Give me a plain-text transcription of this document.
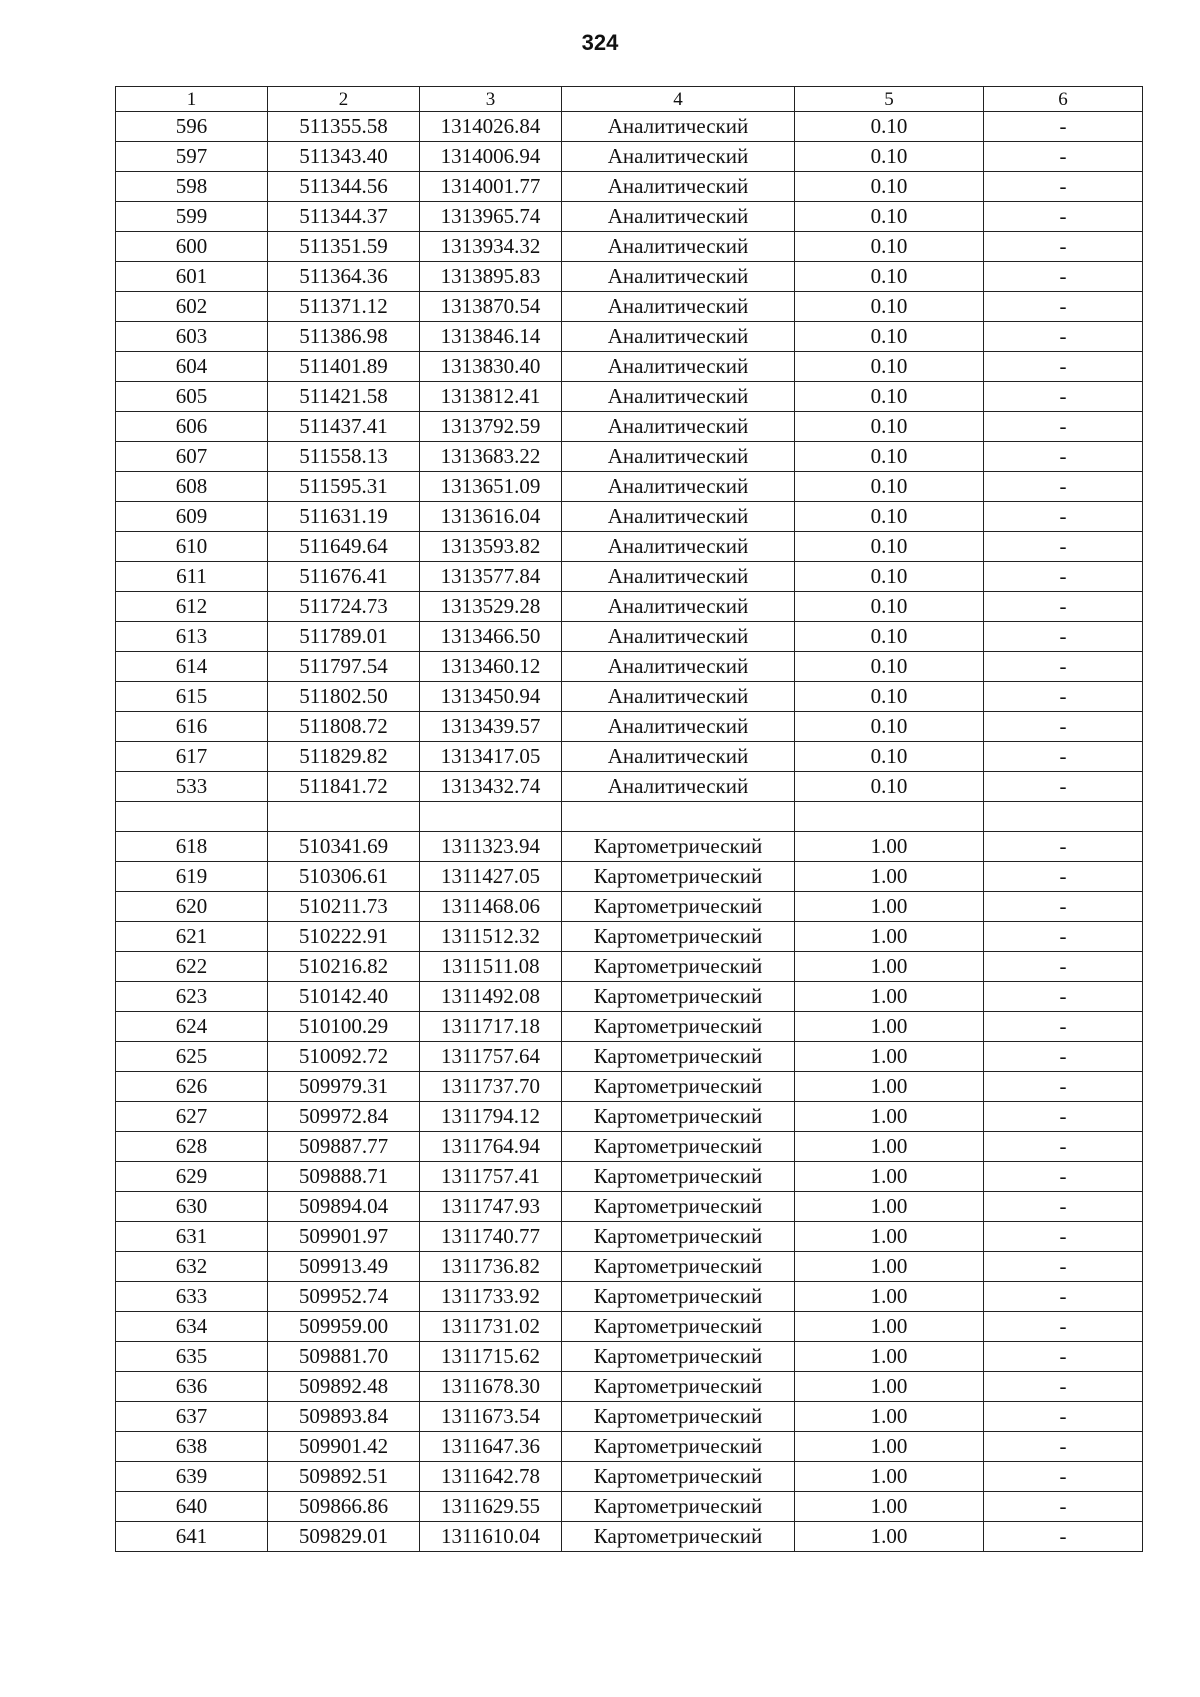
324
1	2	3	4	5	6
596	511355.58	1314026.84	Аналитический	0.10	-
597	511343.40	1314006.94	Аналитический	0.10	-
598	511344.56	1314001.77	Аналитический	0.10	-
599	511344.37	1313965.74	Аналитический	0.10	-
600	511351.59	1313934.32	Аналитический	0.10	-
601	511364.36	1313895.83	Аналитический	0.10	-
602	511371.12	1313870.54	Аналитический	0.10	-
603	511386.98	1313846.14	Аналитический	0.10	-
604	511401.89	1313830.40	Аналитический	0.10	-
605	511421.58	1313812.41	Аналитический	0.10	-
606	511437.41	1313792.59	Аналитический	0.10	-
607	511558.13	1313683.22	Аналитический	0.10	-
608	511595.31	1313651.09	Аналитический	0.10	-
609	511631.19	1313616.04	Аналитический	0.10	-
610	511649.64	1313593.82	Аналитический	0.10	-
611	511676.41	1313577.84	Аналитический	0.10	-
612	511724.73	1313529.28	Аналитический	0.10	-
613	511789.01	1313466.50	Аналитический	0.10	-
614	511797.54	1313460.12	Аналитический	0.10	-
615	511802.50	1313450.94	Аналитический	0.10	-
616	511808.72	1313439.57	Аналитический	0.10	-
617	511829.82	1313417.05	Аналитический	0.10	-
533	511841.72	1313432.74	Аналитический	0.10	-

618	510341.69	1311323.94	Картометрический	1.00	-
619	510306.61	1311427.05	Картометрический	1.00	-
620	510211.73	1311468.06	Картометрический	1.00	-
621	510222.91	1311512.32	Картометрический	1.00	-
622	510216.82	1311511.08	Картометрический	1.00	-
623	510142.40	1311492.08	Картометрический	1.00	-
624	510100.29	1311717.18	Картометрический	1.00	-
625	510092.72	1311757.64	Картометрический	1.00	-
626	509979.31	1311737.70	Картометрический	1.00	-
627	509972.84	1311794.12	Картометрический	1.00	-
628	509887.77	1311764.94	Картометрический	1.00	-
629	509888.71	1311757.41	Картометрический	1.00	-
630	509894.04	1311747.93	Картометрический	1.00	-
631	509901.97	1311740.77	Картометрический	1.00	-
632	509913.49	1311736.82	Картометрический	1.00	-
633	509952.74	1311733.92	Картометрический	1.00	-
634	509959.00	1311731.02	Картометрический	1.00	-
635	509881.70	1311715.62	Картометрический	1.00	-
636	509892.48	1311678.30	Картометрический	1.00	-
637	509893.84	1311673.54	Картометрический	1.00	-
638	509901.42	1311647.36	Картометрический	1.00	-
639	509892.51	1311642.78	Картометрический	1.00	-
640	509866.86	1311629.55	Картометрический	1.00	-
641	509829.01	1311610.04	Картометрический	1.00	-
